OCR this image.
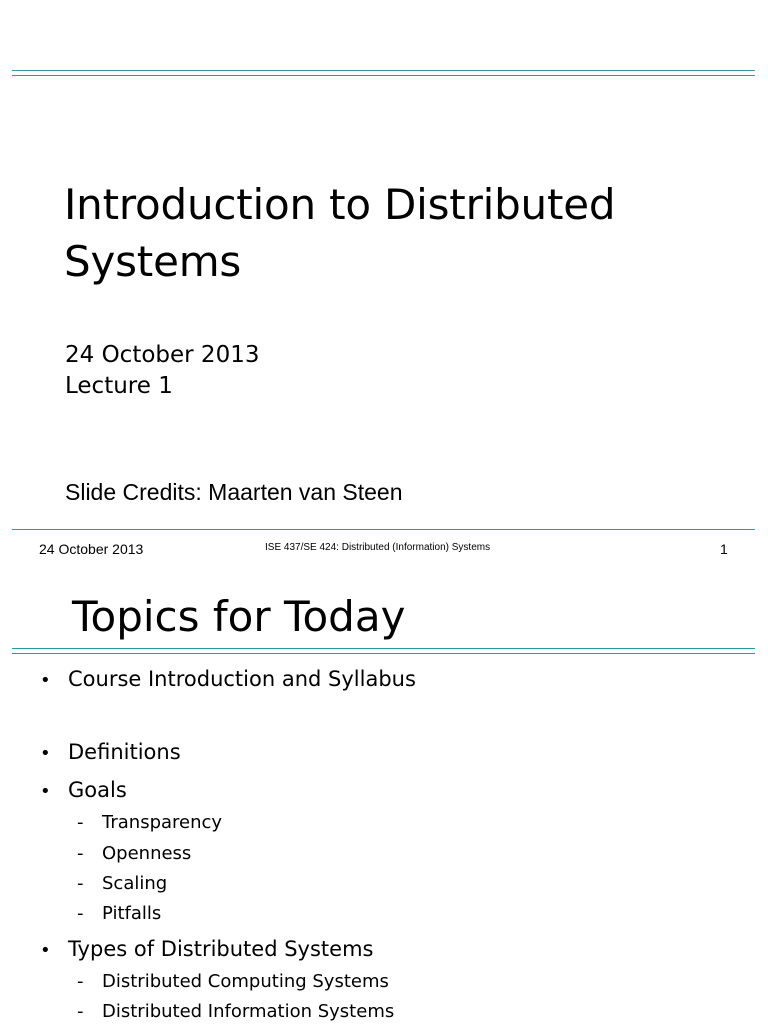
Introduction to Distributed
Systems
24 October 2013
Lecture 1
Slide Credits: Maarten van Steen
24 October 2013	ISE 437/SE 424: Distributed (Information) Systems	1
Topics for Today
• Course Introduction and Syllabus
• Definitions
• Goals
- Transparency
- Openness
- Scaling
- Pitfalls
• Types of Distributed Systems
- Distributed Computing Systems
- Distributed Information Systems
